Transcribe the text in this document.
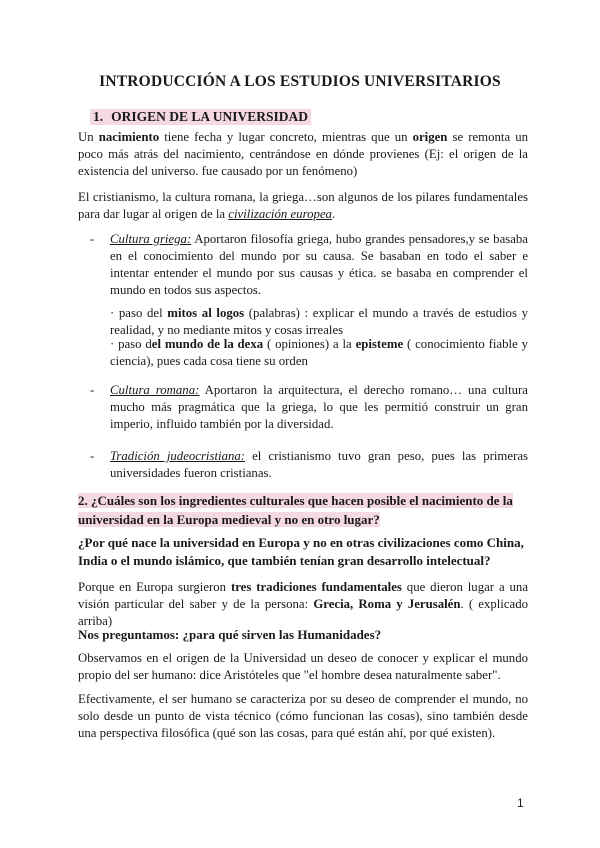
INTRODUCCIÓN A LOS ESTUDIOS UNIVERSITARIOS
1. ORIGEN DE LA UNIVERSIDAD

Un nacimiento tiene fecha y lugar concreto, mientras que un origen se remonta un poco más atrás del nacimiento, centrándose en dónde provienes (Ej: el origen de la existencia del universo. fue causado por un fenómeno)

El cristianismo, la cultura romana, la griega…son algunos de los pilares fundamentales para dar lugar al origen de la civilización europea.

- Cultura griega: Aportaron filosofía griega, hubo grandes pensadores,y se basaba en el conocimiento del mundo por su causa. Se basaban en todo el saber e intentar entender el mundo por sus causas y ética. se basaba en comprender el mundo en todos sus aspectos.

· paso del mitos al logos (palabras) : explicar el mundo a través de estudios y realidad, y no mediante mitos y cosas irreales

· paso del mundo de la dexa ( opiniones) a la episteme ( conocimiento fiable y ciencia), pues cada cosa tiene su orden

- Cultura romana: Aportaron la arquitectura, el derecho romano… una cultura mucho más pragmática que la griega, lo que les permitió construir un gran imperio, influido también por la diversidad.
- Tradición judeocristiana: el cristianismo tuvo gran peso, pues las primeras universidades fueron cristianas.
2. ¿Cuáles son los ingredientes culturales que hacen posible el nacimiento de la
universidad en la Europa medieval y no en otro lugar?
¿Por qué nace la universidad en Europa y no en otras civilizaciones como China, India o el mundo islámico, que también tenían gran desarrollo intelectual?

Porque en Europa surgieron tres tradiciones fundamentales que dieron lugar a una visión particular del saber y de la persona: Grecia, Roma y Jerusalén. ( explicado arriba)

Nos preguntamos: ¿para qué sirven las Humanidades?

Observamos en el origen de la Universidad un deseo de conocer y explicar el mundo propio del ser humano: dice Aristóteles que "el hombre desea naturalmente saber".

Efectivamente, el ser humano se caracteriza por su deseo de comprender el mundo, no solo desde un punto de vista técnico (cómo funcionan las cosas), sino también desde una perspectiva filosófica (qué son las cosas, para qué están ahí, por qué existen).

1
